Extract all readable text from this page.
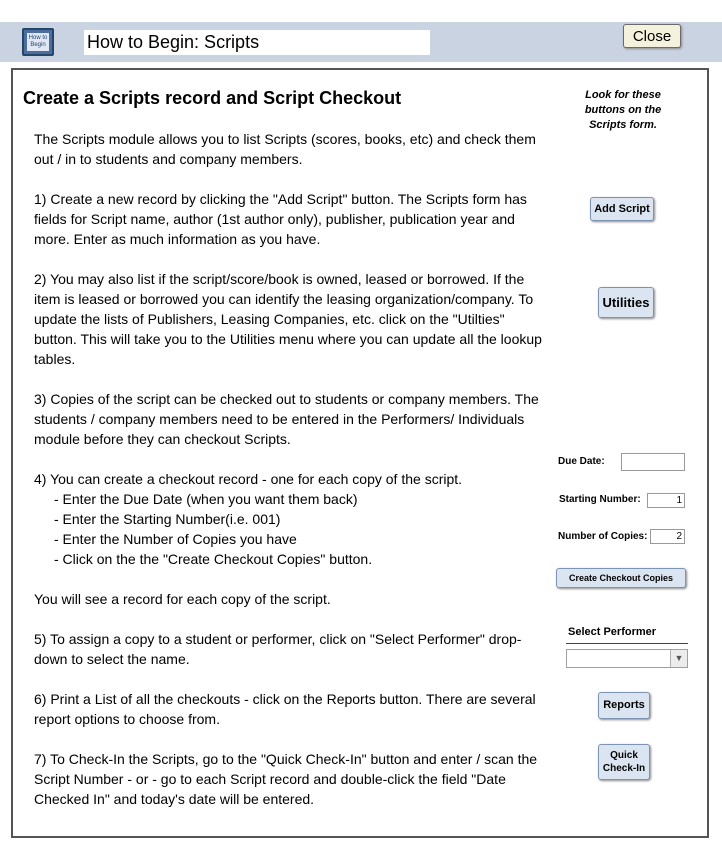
How to Begin How to Begin: Scripts	Close
Create a Scripts record and Script Checkout	Look for these buttons on the Scripts form.

The Scripts module allows you to list Scripts (scores, books, etc) and check them out / in to students and company members.

1) Create a new record by clicking the "Add Script" button. The Scripts form has fields for Script name, author (1st author only), publisher, publication year and more. Enter as much information as you have.

2) You may also list if the script/score/book is owned, leased or borrowed. If the item is leased or borrowed you can identify the leasing organization/company. To update the lists of Publishers, Leasing Companies, etc. click on the "Utilties" button. This will take you to the Utilities menu where you can update all the lookup tables.

3) Copies of the script can be checked out to students or company members. The students / company members need to be entered in the Performers/ Individuals module before they can checkout Scripts.

4) You can create a checkout record - one for each copy of the script.

- Enter the Due Date (when you want them back)

- Enter the Starting Number(i.e. 001)

- Enter the Number of Copies you have

- Click on the the "Create Checkout Copies" button.

You will see a record for each copy of the script.

5) To assign a copy to a student or performer, click on "Select Performer" drop-down to select the name.

6) Print a List of all the checkouts - click on the Reports button. There are several report options to choose from.

7) To Check-In the Scripts, go to the "Quick Check-In" button and enter / scan the Script Number - or - go to each Script record and double-click the field "Date Checked In" and today's date will be entered.

Add Script
Utilities
Due Date:
Starting Number:	1
Number of Copies:	2
Create Checkout Copies
Select Performer
▼
Reports
Quick Check-In
